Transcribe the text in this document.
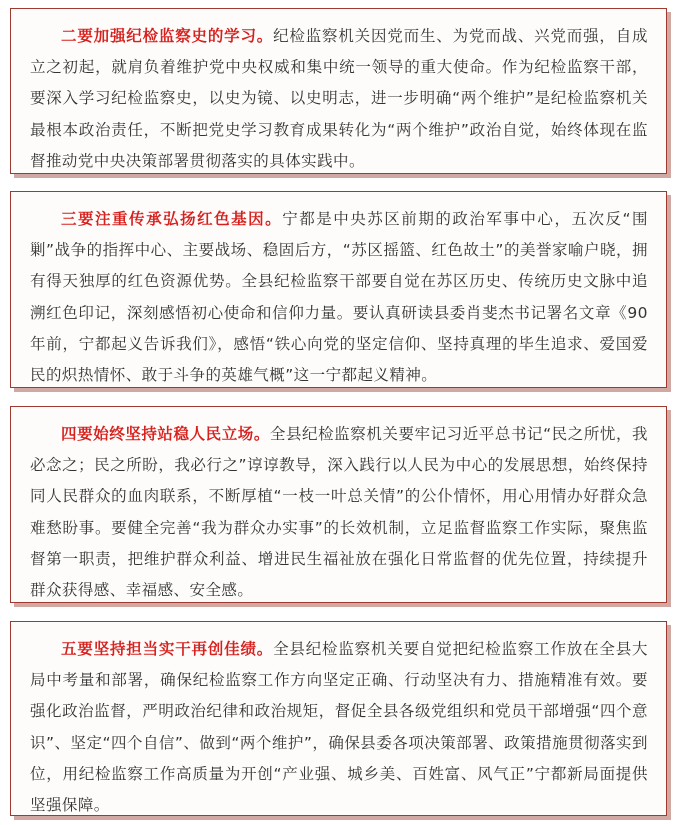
二要加强纪检监察史的学习。纪检监察机关因党而生、为党而战、兴党而强，自成立之初起，就肩负着维护党中央权威和集中统一领导的重大使命。作为纪检监察干部，要深入学习纪检监察史，以史为镜、以史明志，进一步明确“两个维护”是纪检监察机关最根本政治责任，不断把党史学习教育成果转化为“两个维护”政治自觉，始终体现在监督推动党中央决策部署贯彻落实的具体实践中。

三要注重传承弘扬红色基因。宁都是中央苏区前期的政治军事中心，五次反“围剿”战争的指挥中心、主要战场、稳固后方，“苏区摇篮、红色故土”的美誉家喻户晓，拥有得天独厚的红色资源优势。全县纪检监察干部要自觉在苏区历史、传统历史文脉中追溯红色印记，深刻感悟初心使命和信仰力量。要认真研读县委肖斐杰书记署名文章《90年前，宁都起义告诉我们》，感悟“铁心向党的坚定信仰、坚持真理的毕生追求、爱国爱民的炽热情怀、敢于斗争的英雄气概”这一宁都起义精神。

四要始终坚持站稳人民立场。全县纪检监察机关要牢记习近平总书记“民之所忧，我必念之；民之所盼，我必行之”谆谆教导，深入践行以人民为中心的发展思想，始终保持同人民群众的血肉联系，不断厚植“一枝一叶总关情”的公仆情怀，用心用情办好群众急难愁盼事。要健全完善“我为群众办实事”的长效机制，立足监督监察工作实际，聚焦监督第一职责，把维护群众利益、增进民生福祉放在强化日常监督的优先位置，持续提升群众获得感、幸福感、安全感。

五要坚持担当实干再创佳绩。全县纪检监察机关要自觉把纪检监察工作放在全县大局中考量和部署，确保纪检监察工作方向坚定正确、行动坚决有力、措施精准有效。要强化政治监督，严明政治纪律和政治规矩，督促全县各级党组织和党员干部增强“四个意识”、坚定“四个自信”、做到“两个维护”，确保县委各项决策部署、政策措施贯彻落实到位，用纪检监察工作高质量为开创“产业强、城乡美、百姓富、风气正”宁都新局面提供坚强保障。
